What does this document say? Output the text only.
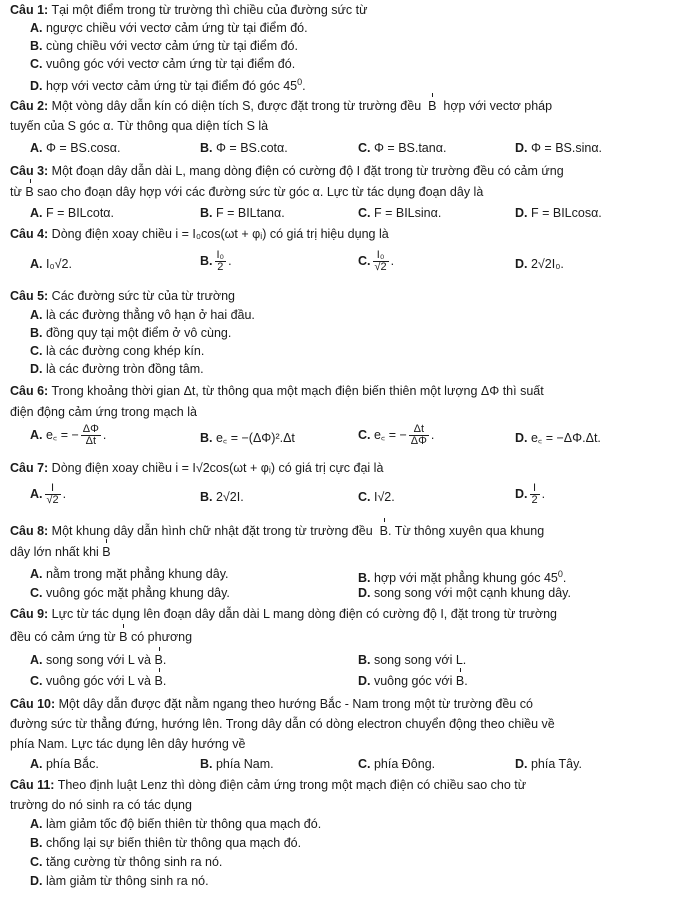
Câu 1: Tại một điểm trong từ trường thì chiều của đường sức từ
A. ngược chiều với vectơ cảm ứng từ tại điểm đó.
B. cùng chiều với vectơ cảm ứng từ tại điểm đó.
C. vuông góc với vectơ cảm ứng từ tại điểm đó.
D. hợp với vectơ cảm ứng từ tại điểm đó góc $45^0$.
Câu 2: Một vòng dây dẫn kín có diện tích S, được đặt trong từ trường đều B hợp với vectơ pháp
tuyến của S góc α. Từ thông qua diện tích S là
A. Φ = BS.cosα.	B. Φ = BS.cotα.	C. Φ = BS.tanα.	D. Φ = BS.sinα.
Câu 3: Một đoạn dây dẫn dài L, mang dòng điện có cường độ I đặt trong từ trường đều có cảm ứng
từ B sao cho đoạn dây hợp với các đường sức từ góc α. Lực từ tác dụng đoạn dây là
A. F = BILcotα.	B. F = BILtanα.	C. F = BILsinα.	D. F = BILcosα.
Câu 4: Dòng điện xoay chiều i = I₀cos(ωt + φᵢ) có giá trị hiệu dụng là
A. I₀√2.	B. $\frac{\text{I₀}}{2}$ .	C. $\frac{\text{I₀}}{√2}$ .	D. 2√2I₀.
Câu 5: Các đường sức từ của từ trường
A. là các đường thẳng vô hạn ở hai đầu.
B. đồng quy tại một điểm ở vô cùng.
C. là các đường cong khép kín.
D. là các đường tròn đồng tâm.
Câu 6: Trong khoảng thời gian Δt, từ thông qua một mạch điện biến thiên một lượng ΔΦ thì suất
điện động cảm ứng trong mạch là
A. e꜀ = − $\frac{\Delta\Phi}{\Delta t}$ .	B. e꜀ = −(ΔΦ)².Δt	C. e꜀ = − $\frac{\Delta t}{\Delta\Phi}$ .	D. e꜀ = −ΔΦ.Δt.
Câu 7: Dòng điện xoay chiều i = I√2cos(ωt + φᵢ) có giá trị cực đại là
A. $\frac{I}{√2}$ .	B. 2√2I.	C. I√2.	D. $\frac{I}{2}$ .
Câu 8: Một khung dây dẫn hình chữ nhật đặt trong từ trường đều B. Từ thông xuyên qua khung
dây lớn nhất khi B
A. nằm trong mặt phẳng khung dây.	B. hợp với mặt phẳng khung góc $45^0$.
C. vuông góc mặt phẳng khung dây.	D. song song với một cạnh khung dây.
Câu 9: Lực từ tác dụng lên đoạn dây dẫn dài L mang dòng điện có cường độ I, đặt trong từ trường
đều có cảm ứng từ B có phương
A. song song với L và B.	B. song song với L.
C. vuông góc với L và B.	D. vuông góc với B.
Câu 10: Một dây dẫn được đặt nằm ngang theo hướng Bắc - Nam trong một từ trường đều có
đường sức từ thẳng đứng, hướng lên. Trong dây dẫn có dòng electron chuyển động theo chiều về
phía Nam. Lực tác dụng lên dây hướng về
A. phía Bắc.	B. phía Nam.	C. phía Đông.	D. phía Tây.
Câu 11: Theo định luật Lenz thì dòng điện cảm ứng trong một mạch điện có chiều sao cho từ
trường do nó sinh ra có tác dụng
A. làm giảm tốc độ biến thiên từ thông qua mạch đó.
B. chống lại sự biến thiên từ thông qua mạch đó.
C. tăng cường từ thông sinh ra nó.
D. làm giảm từ thông sinh ra nó.
